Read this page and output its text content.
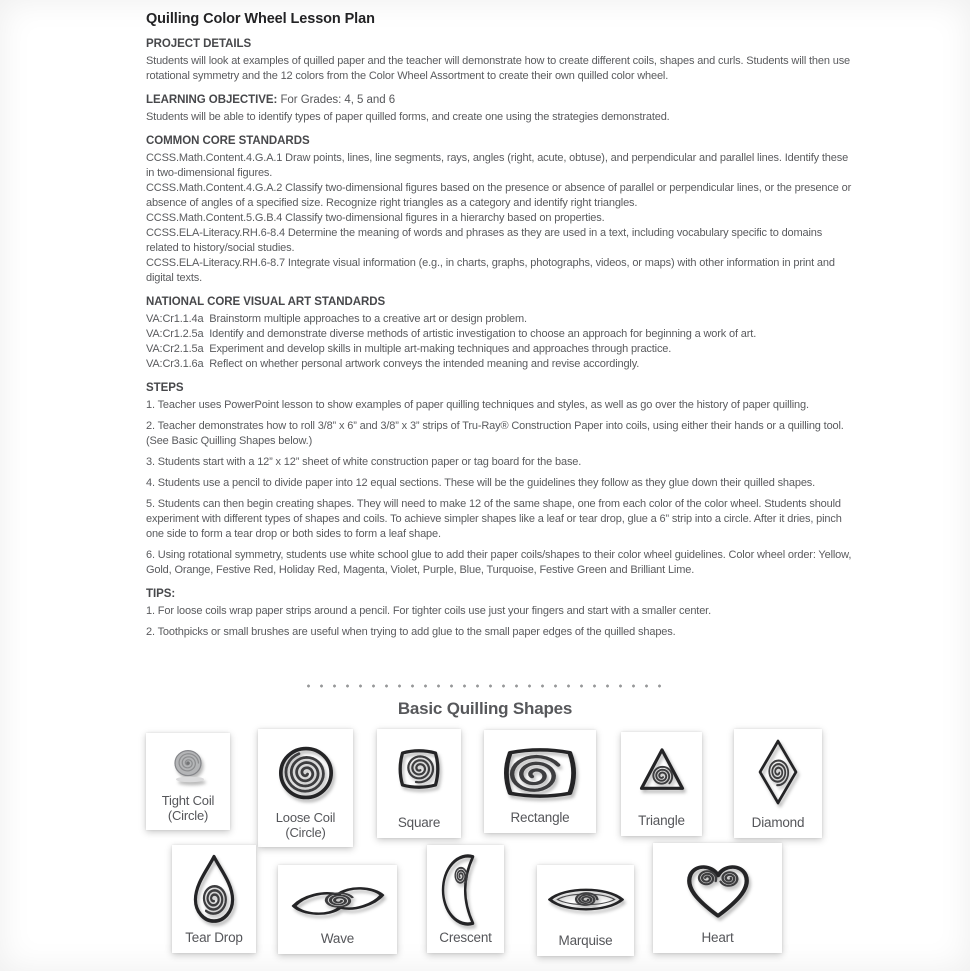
Quilling Color Wheel Lesson Plan
PROJECT DETAILS

Students will look at examples of quilled paper and the teacher will demonstrate how to create different coils, shapes and curls. Students will then use rotational symmetry and the 12 colors from the Color Wheel Assortment to create their own quilled color wheel.

LEARNING OBJECTIVE: For Grades: 4, 5 and 6

Students will be able to identify types of paper quilled forms, and create one using the strategies demonstrated.

COMMON CORE STANDARDS

CCSS.Math.Content.4.G.A.1 Draw points, lines, line segments, rays, angles (right, acute, obtuse), and perpendicular and parallel lines. Identify these in two-dimensional figures.

CCSS.Math.Content.4.G.A.2 Classify two-dimensional figures based on the presence or absence of parallel or perpendicular lines, or the presence or absence of angles of a specified size. Recognize right triangles as a category and identify right triangles.

CCSS.Math.Content.5.G.B.4 Classify two-dimensional figures in a hierarchy based on properties.

CCSS.ELA-Literacy.RH.6-8.4 Determine the meaning of words and phrases as they are used in a text, including vocabulary specific to domains related to history/social studies.

CCSS.ELA-Literacy.RH.6-8.7 Integrate visual information (e.g., in charts, graphs, photographs, videos, or maps) with other information in print and digital texts.

NATIONAL CORE VISUAL ART STANDARDS

VA:Cr1.1.4a  Brainstorm multiple approaches to a creative art or design problem.

VA:Cr1.2.5a  Identify and demonstrate diverse methods of artistic investigation to choose an approach for beginning a work of art.

VA:Cr2.1.5a  Experiment and develop skills in multiple art-making techniques and approaches through practice.

VA:Cr3.1.6a  Reflect on whether personal artwork conveys the intended meaning and revise accordingly.

STEPS

1. Teacher uses PowerPoint lesson to show examples of paper quilling techniques and styles, as well as go over the history of paper quilling.

2. Teacher demonstrates how to roll 3/8” x 6” and 3/8” x 3” strips of Tru-Ray® Construction Paper into coils, using either their hands or a quilling tool. (See Basic Quilling Shapes below.)

3. Students start with a 12” x 12” sheet of white construction paper or tag board for the base.

4. Students use a pencil to divide paper into 12 equal sections. These will be the guidelines they follow as they glue down their quilled shapes.

5. Students can then begin creating shapes. They will need to make 12 of the same shape, one from each color of the color wheel. Students should experiment with different types of shapes and coils. To achieve simpler shapes like a leaf or tear drop, glue a 6” strip into a circle. After it dries, pinch one side to form a tear drop or both sides to form a leaf shape.

6. Using rotational symmetry, students use white school glue to add their paper coils/shapes to their color wheel guidelines. Color wheel order: Yellow, Gold, Orange, Festive Red, Holiday Red, Magenta, Violet, Purple, Blue, Turquoise, Festive Green and Brilliant Lime.

TIPS:

1. For loose coils wrap paper strips around a pencil. For tighter coils use just your fingers and start with a smaller center.

2. Toothpicks or small brushes are useful when trying to add glue to the small paper edges of the quilled shapes.

Basic Quilling Shapes
Tight Coil (Circle)	Loose Coil (Circle)
Square	Rectangle	Triangle	Diamond
Tear Drop	Wave	Crescent	Marquise	Heart
